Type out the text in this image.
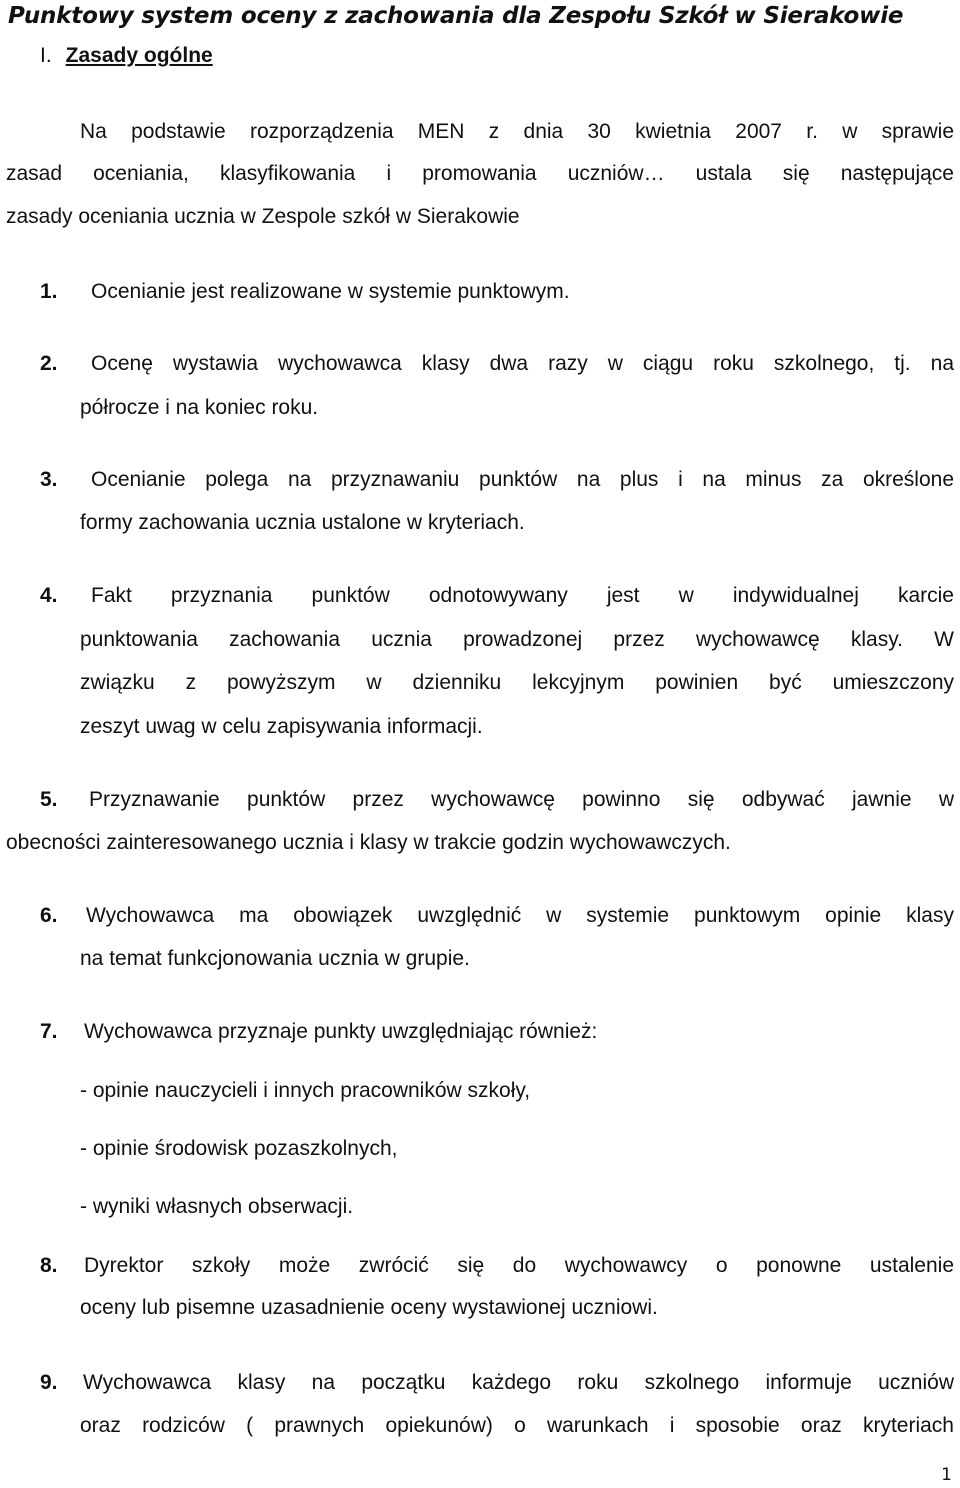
Punktowy system oceny z zachowania dla Zespołu Szkół w Sierakowie
I. Zasady ogólne
Na podstawie rozporządzenia MEN z dnia 30 kwietnia 2007 r. w sprawie
zasad oceniania, klasyfikowania i promowania uczniów… ustala się następujące
zasady oceniania ucznia w Zespole szkół w Sierakowie
1. Ocenianie jest realizowane w systemie punktowym.
2. Ocenę wystawia wychowawca klasy dwa razy w ciągu roku szkolnego, tj. na
półrocze i na koniec roku.
3. Ocenianie polega na przyznawaniu punktów na plus i na minus za określone
formy zachowania ucznia ustalone w kryteriach.
4. Fakt przyznania punktów odnotowywany jest w indywidualnej karcie
punktowania zachowania ucznia prowadzonej przez wychowawcę klasy. W
związku z powyższym w dzienniku lekcyjnym powinien być umieszczony
zeszyt uwag w celu zapisywania informacji.
5. Przyznawanie punktów przez wychowawcę powinno się odbywać jawnie w
obecności zainteresowanego ucznia i klasy w trakcie godzin wychowawczych.
6. Wychowawca ma obowiązek uwzględnić w systemie punktowym opinie klasy
na temat funkcjonowania ucznia w grupie.
7. Wychowawca przyznaje punkty uwzględniając również:
- opinie nauczycieli i innych pracowników szkoły,
- opinie środowisk pozaszkolnych,
- wyniki własnych obserwacji.
8. Dyrektor szkoły może zwrócić się do wychowawcy o ponowne ustalenie
oceny lub pisemne uzasadnienie oceny wystawionej uczniowi.
9. Wychowawca klasy na początku każdego roku szkolnego informuje uczniów
oraz rodziców ( prawnych opiekunów) o warunkach i sposobie oraz kryteriach
1
